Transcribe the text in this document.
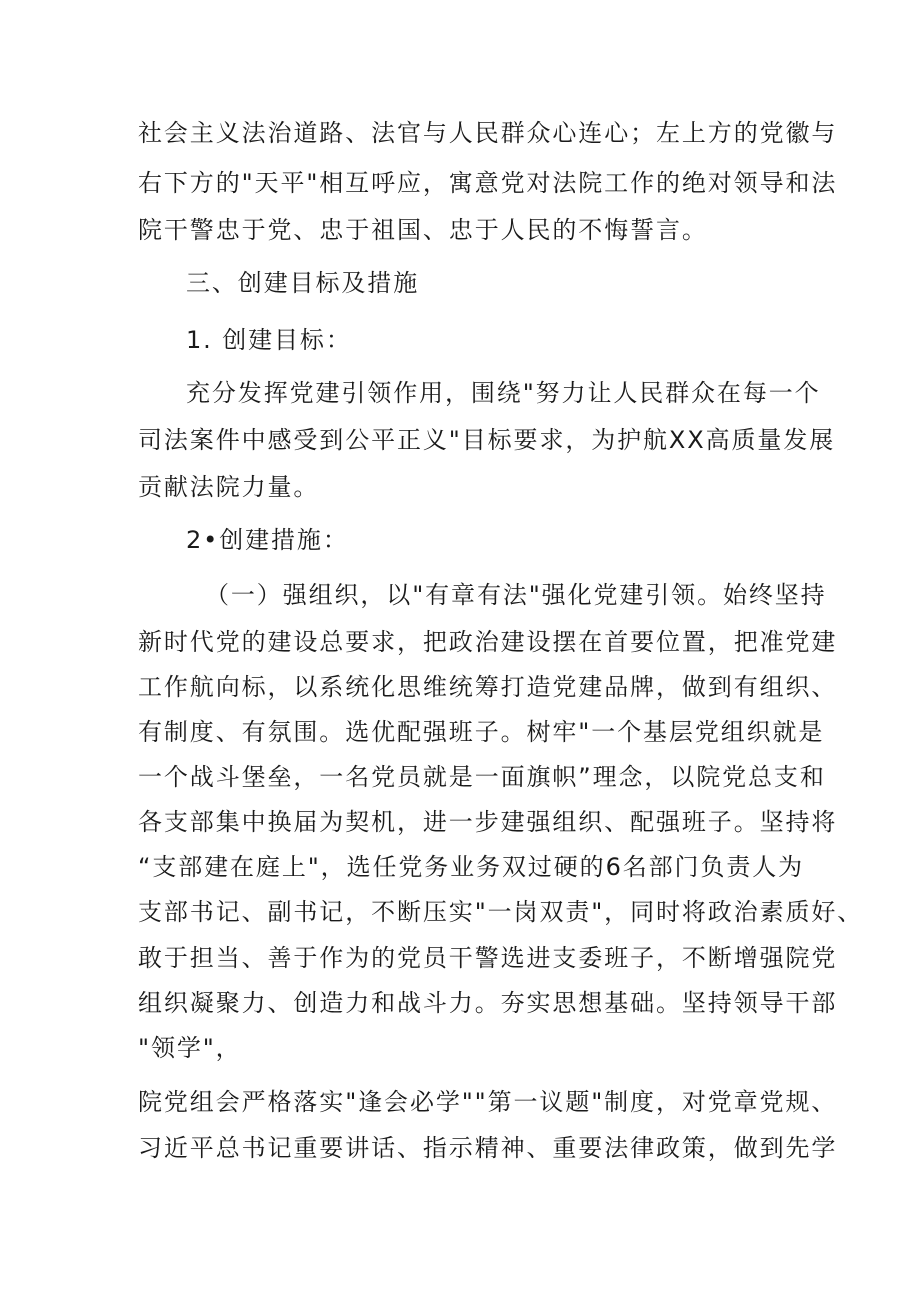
社会主义法治道路、法官与人民群众心连心；左上方的党徽与
右下方的"天平"相互呼应，寓意党对法院工作的绝对领导和法
院干警忠于党、忠于祖国、忠于人民的不悔誓言。
三、创建目标及措施
1. 创建目标：
充分发挥党建引领作用，围绕"努力让人民群众在每一个
司法案件中感受到公平正义"目标要求，为护航XX高质量发展
贡献法院力量。
2•创建措施：
（一）强组织，以"有章有法"强化党建引领。始终坚持
新时代党的建设总要求，把政治建设摆在首要位置，把准党建
工作航向标，以系统化思维统筹打造党建品牌，做到有组织、
有制度、有氛围。选优配强班子。树牢"一个基层党组织就是
一个战斗堡垒，一名党员就是一面旗帜”理念，以院党总支和
各支部集中换届为契机，进一步建强组织、配强班子。坚持将
“支部建在庭上"，选任党务业务双过硬的6名部门负责人为
支部书记、副书记，不断压实"一岗双责"，同时将政治素质好、
敢于担当、善于作为的党员干警选进支委班子，不断增强院党
组织凝聚力、创造力和战斗力。夯实思想基础。坚持领导干部
"领学"，
院党组会严格落实"逢会必学""第一议题"制度，对党章党规、
习近平总书记重要讲话、指示精神、重要法律政策，做到先学
